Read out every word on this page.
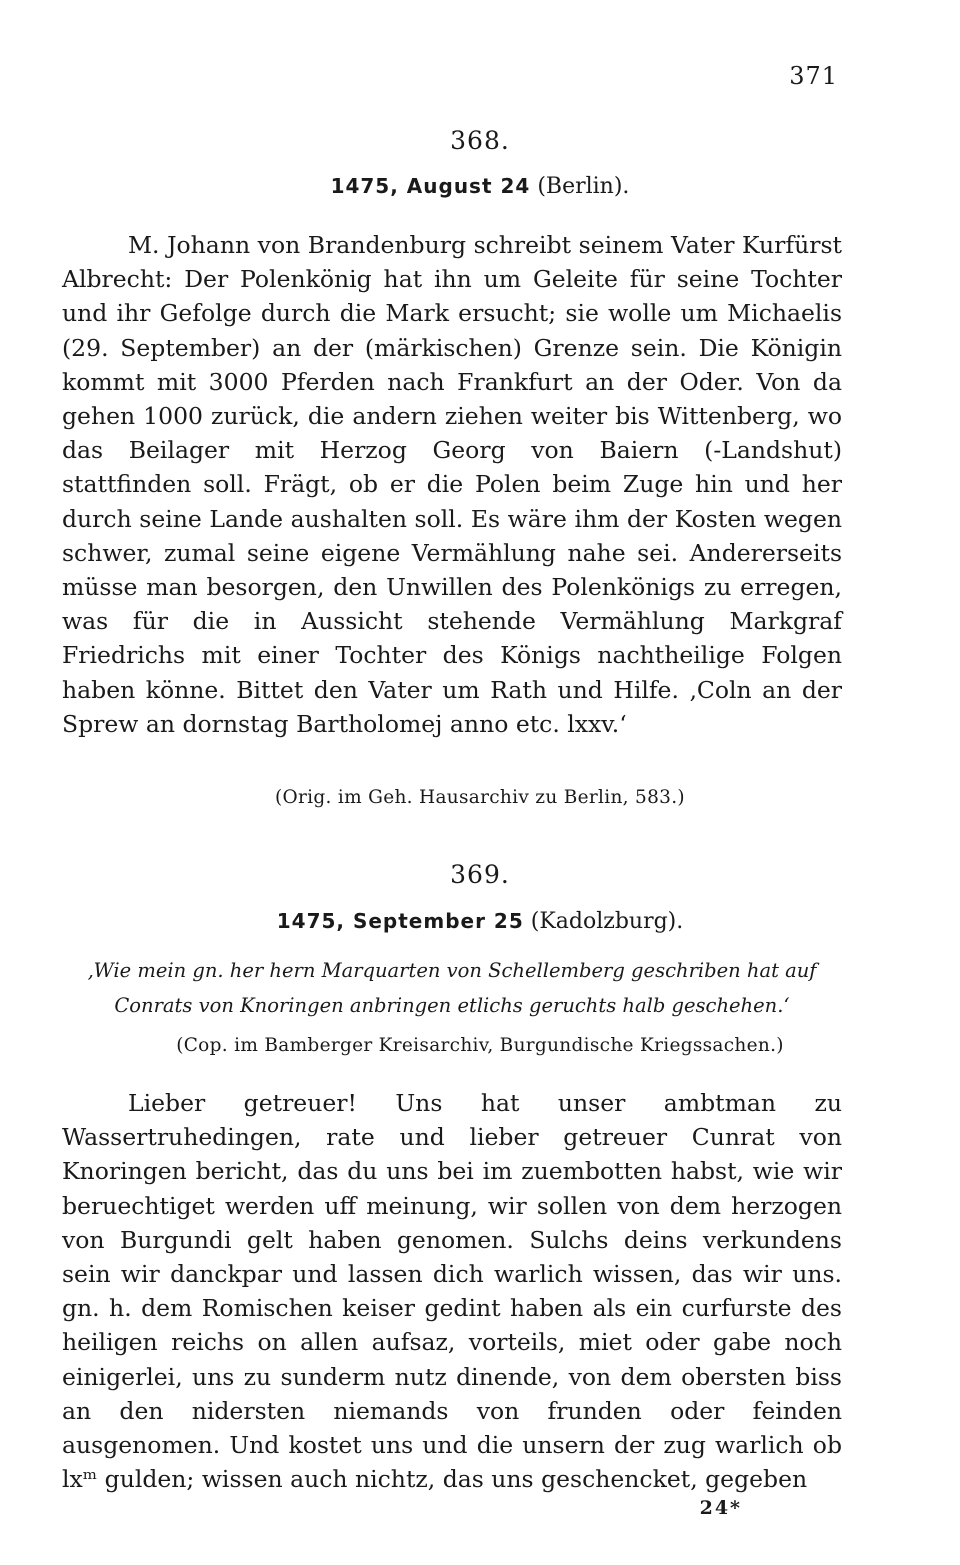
371
368.
1475, August 24 (Berlin).

M. Johann von Brandenburg schreibt seinem Vater Kurfürst Albrecht: Der Polenkönig hat ihn um Geleite für seine Tochter und ihr Gefolge durch die Mark ersucht; sie wolle um Michaelis (29. September) an der (märkischen) Grenze sein. Die Königin kommt mit 3000 Pferden nach Frankfurt an der Oder. Von da gehen 1000 zurück, die andern ziehen weiter bis Wittenberg, wo das Beilager mit Herzog Georg von Baiern (-Landshut) stattfinden soll. Frägt, ob er die Polen beim Zuge hin und her durch seine Lande aushalten soll. Es wäre ihm der Kosten wegen schwer, zumal seine eigene Vermählung nahe sei. Andererseits müsse man besorgen, den Unwillen des Polenkönigs zu erregen, was für die in Aussicht stehende Vermählung Markgraf Friedrichs mit einer Tochter des Königs nachtheilige Folgen haben könne. Bittet den Vater um Rath und Hilfe. ‚Coln an der Sprew an dornstag Bartholomej anno etc. lxxv.‘

(Orig. im Geh. Hausarchiv zu Berlin, 583.)
369.
1475, September 25 (Kadolzburg).
‚Wie mein gn. her hern Marquarten von Schellemberg geschriben hat auf Conrats von Knoringen anbringen etlichs geruchts halb geschehen.‘
(Cop. im Bamberger Kreisarchiv, Burgundische Kriegssachen.)

Lieber getreuer! Uns hat unser ambtman zu Wassertruhedingen, rate und lieber getreuer Cunrat von Knoringen bericht, das du uns bei im zuembotten habst, wie wir beruechtiget werden uff meinung, wir sollen von dem herzogen von Burgundi gelt haben genomen. Sulchs deins verkundens sein wir danckpar und lassen dich warlich wissen, das wir uns. gn. h. dem Romischen keiser gedint haben als ein curfurste des heiligen reichs on allen aufsaz, vorteils, miet oder gabe noch einigerlei, uns zu sunderm nutz dinende, von dem obersten biss an den nidersten niemands von frunden oder feinden ausgenomen. Und kostet uns und die unsern der zug warlich ob lxᵐ gulden; wissen auch nichtz, das uns geschencket, gegeben

24*
